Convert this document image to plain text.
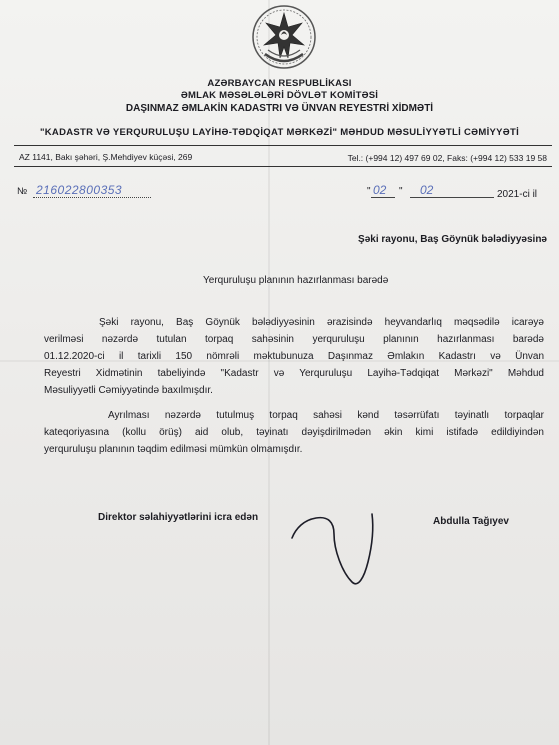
AZƏRBAYCAN RESPUBLİKASI
ƏMLAK MƏSƏLƏLƏRİ DÖVLƏT KOMİTƏSİ
DAŞINMAZ ƏMLAKİN KADASTRI VƏ ÜNVAN REYESTRİ XİDMƏTİ
"KADASTR VƏ YERQURULUŞU LAYİHƏ-TƏDQİQAT MƏRKƏZİ" MƏHDUD MƏSULİYYƏTLİ CƏMİYYƏTİ
AZ 1141, Bakı şəhəri, Ş.Mehdiyev küçəsi, 269	Tel.: (+994 12) 497 69 02, Faks: (+994 12) 533 19 58
№ 216022800353	" 02 " 02	2021-ci il
Şəki rayonu, Baş Göynük bələdiyyəsinə
Yerquruluşu planının hazırlanması barədə
Şəki rayonu, Baş Göynük bələdiyyəsinin ərazisində heyvandarlıq məqsədilə icarəyə
verilməsi nəzərdə tutulan torpaq sahəsinin yerquruluşu planının hazırlanması barədə
01.12.2020-ci il tarixli 150 nömrəli məktubunuza Daşınmaz Əmlakın Kadastrı və Ünvan
Reyestri Xidmətinin tabeliyində "Kadastr və Yerquruluşu Layihə-Tədqiqat Mərkəzi" Məhdud
Məsuliyyətli Cəmiyyətində baxılmışdır.
Ayrılması nəzərdə tutulmuş torpaq sahəsi kənd təsərrüfatı təyinatlı torpaqlar
kateqoriyasına (kollu örüş) aid olub, təyinatı dəyişdirilmədən əkin kimi istifadə edildiyindən
yerquruluşu planının təqdim edilməsi mümkün olmamışdır.
Direktor səlahiyyətlərini icra edən	Abdulla Tağıyev
